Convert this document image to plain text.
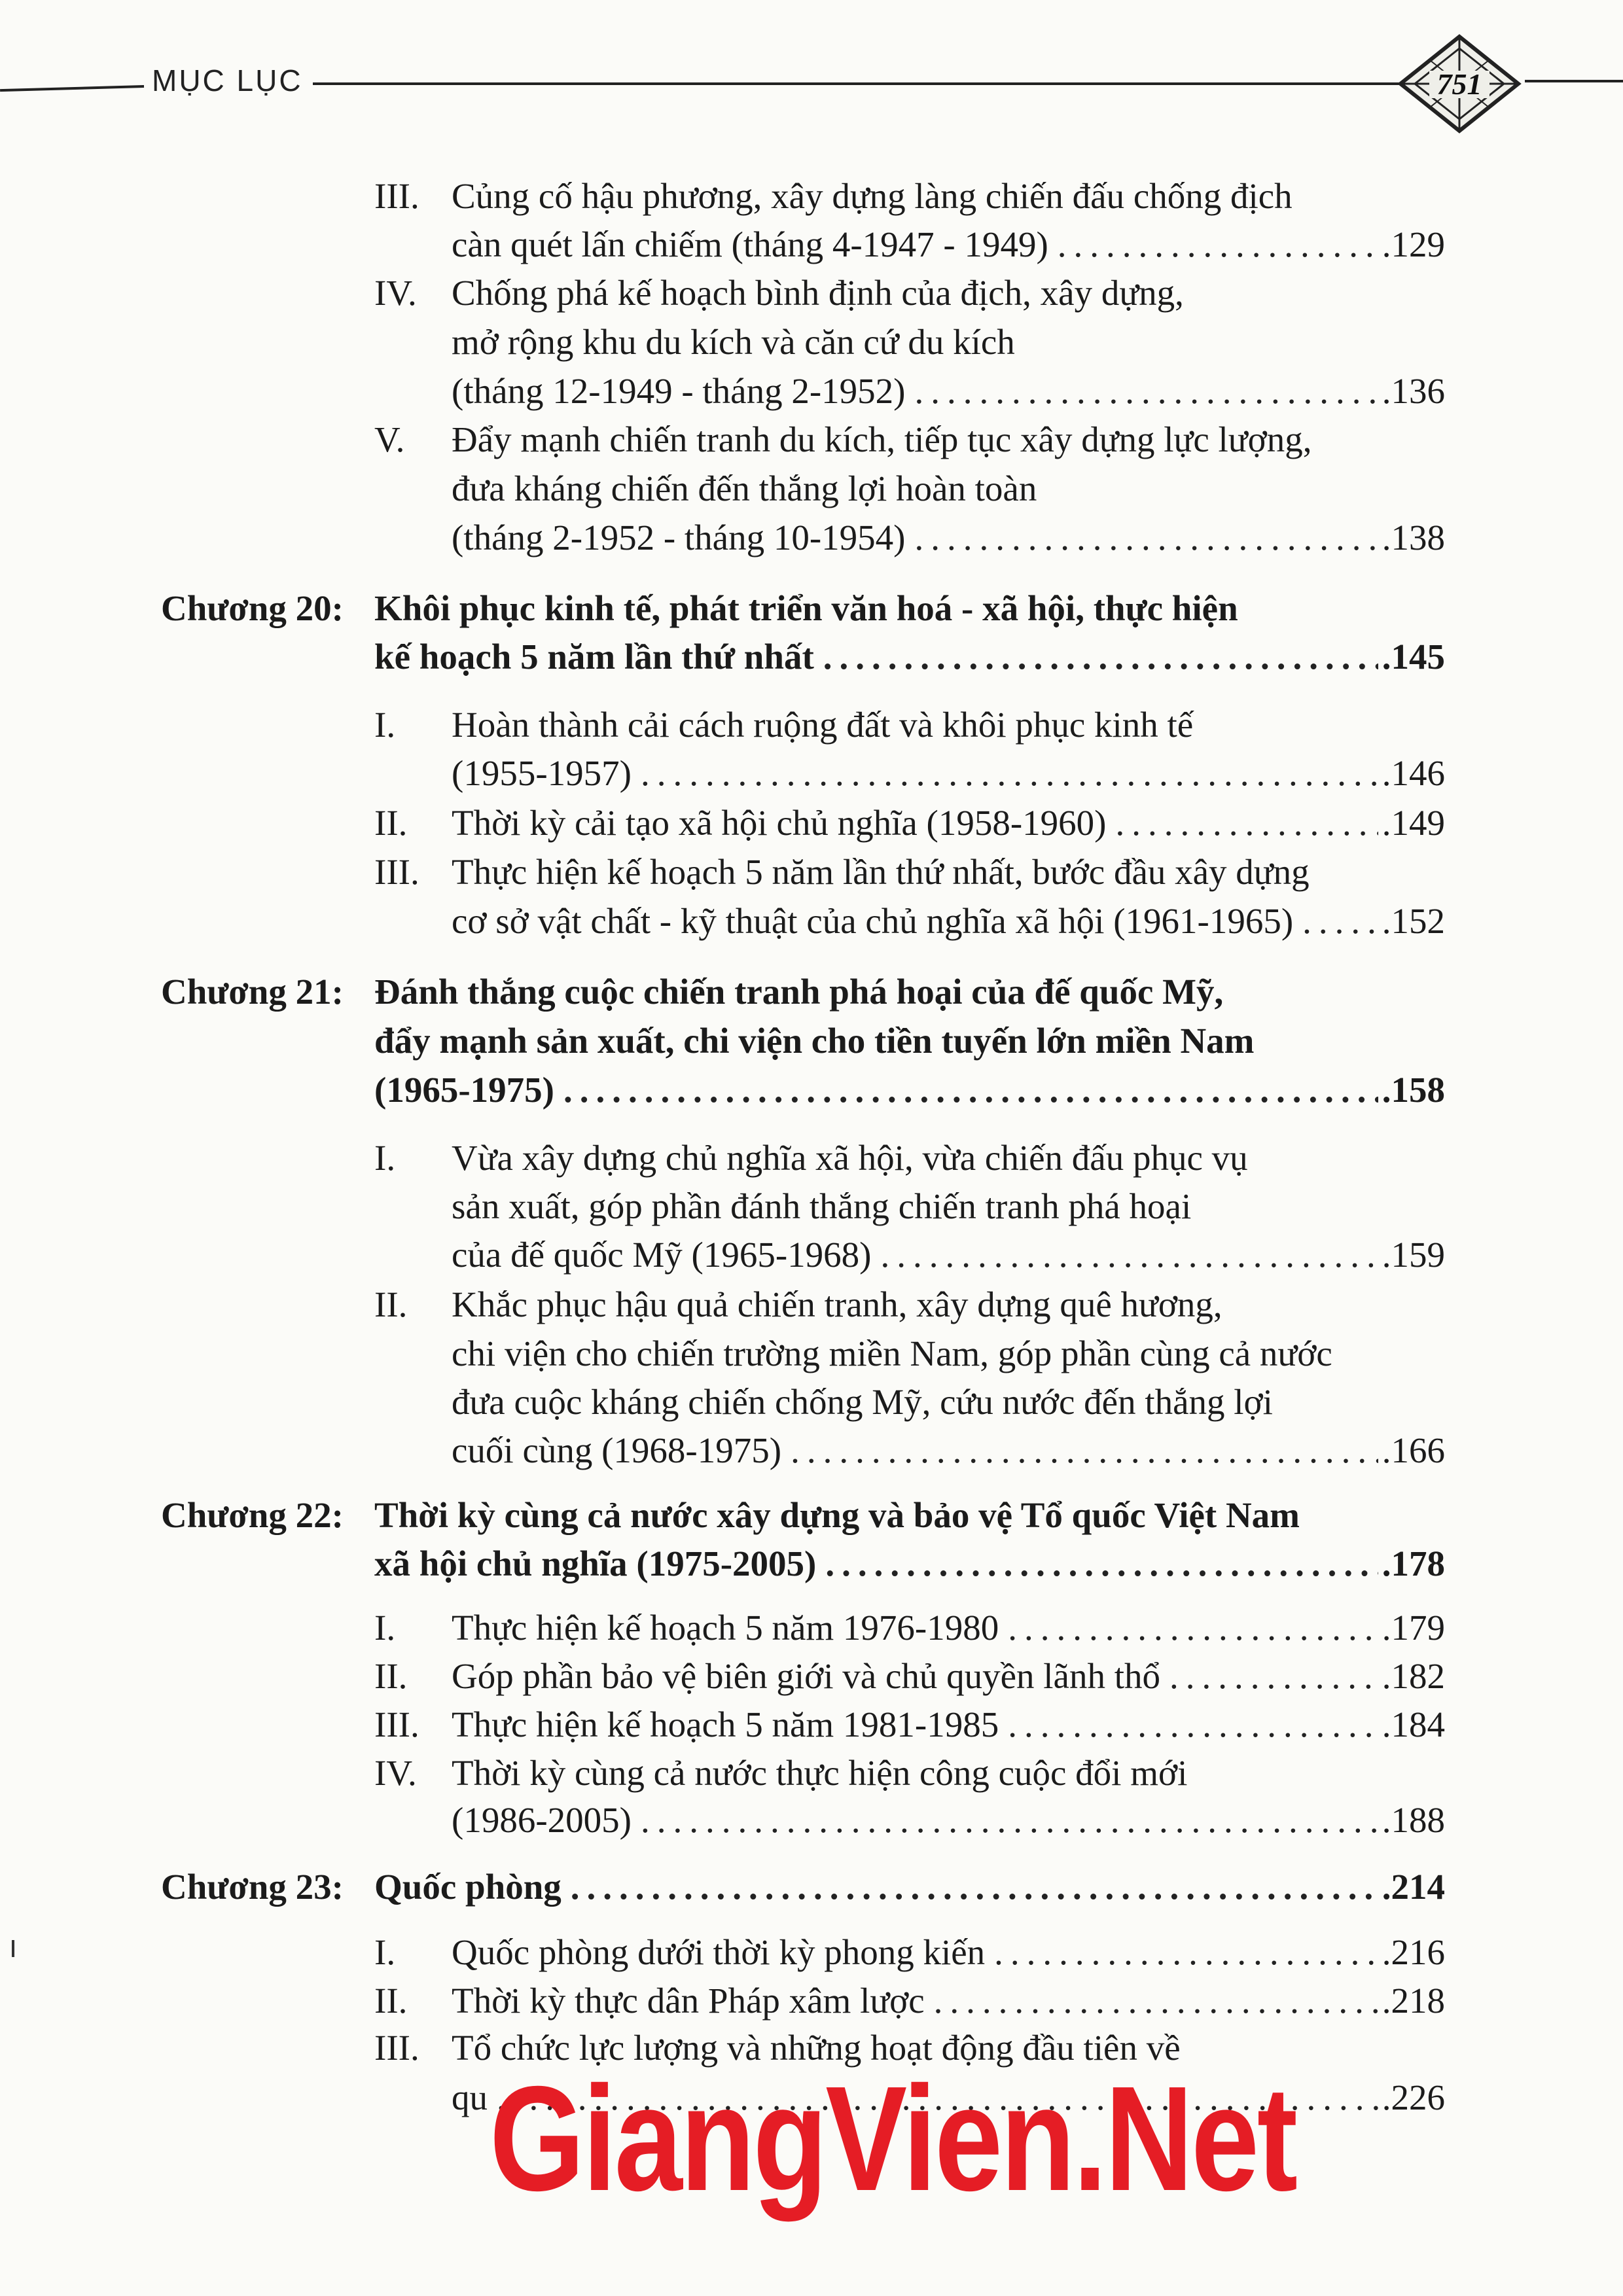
MỤC LỤC	751
III. Củng cố hậu phương, xây dựng làng chiến đấu chống địch
càn quét lấn chiếm (tháng 4-1947 - 1949) .....	.129
IV. Chống phá kế hoạch bình định của địch, xây dựng,
mở rộng khu du kích và căn cứ du kích
(tháng 12-1949 - tháng 2-1952) .....	.136
V. Đẩy mạnh chiến tranh du kích, tiếp tục xây dựng lực lượng,
đưa kháng chiến đến thắng lợi hoàn toàn
(tháng 2-1952 - tháng 10-1954) .....	.138
Chương 20: Khôi phục kinh tế, phát triển văn hoá - xã hội, thực hiện
kế hoạch 5 năm lần thứ nhất .....	.145
I. Hoàn thành cải cách ruộng đất và khôi phục kinh tế
(1955-1957) .....	.146
II. Thời kỳ cải tạo xã hội chủ nghĩa (1958-1960) .....	.149
III. Thực hiện kế hoạch 5 năm lần thứ nhất, bước đầu xây dựng
cơ sở vật chất - kỹ thuật của chủ nghĩa xã hội (1961-1965) ..... .152
Chương 21: Đánh thắng cuộc chiến tranh phá hoại của đế quốc Mỹ,
đẩy mạnh sản xuất, chi viện cho tiền tuyến lớn miền Nam
(1965-1975) .....	.158
I. Vừa xây dựng chủ nghĩa xã hội, vừa chiến đấu phục vụ
sản xuất, góp phần đánh thắng chiến tranh phá hoại
của đế quốc Mỹ (1965-1968) .....	.159
II. Khắc phục hậu quả chiến tranh, xây dựng quê hương,
chi viện cho chiến trường miền Nam, góp phần cùng cả nước
đưa cuộc kháng chiến chống Mỹ, cứu nước đến thắng lợi
cuối cùng (1968-1975) .....	.166
Chương 22: Thời kỳ cùng cả nước xây dựng và bảo vệ Tổ quốc Việt Nam
xã hội chủ nghĩa (1975-2005) .....	.178
I. Thực hiện kế hoạch 5 năm 1976-1980 .....	.179
II. Góp phần bảo vệ biên giới và chủ quyền lãnh thổ .....	.182
III. Thực hiện kế hoạch 5 năm 1981-1985 .....	.184
IV. Thời kỳ cùng cả nước thực hiện công cuộc đổi mới
(1986-2005) .....	.188
Chương 23: Quốc phòng .....	.214
I. Quốc phòng dưới thời kỳ phong kiến .....	.216
II. Thời kỳ thực dân Pháp xâm lược .....	.218
III. Tổ chức lực lượng và những hoạt động đầu tiên về
qu .....	.226
GiangVien.Net
